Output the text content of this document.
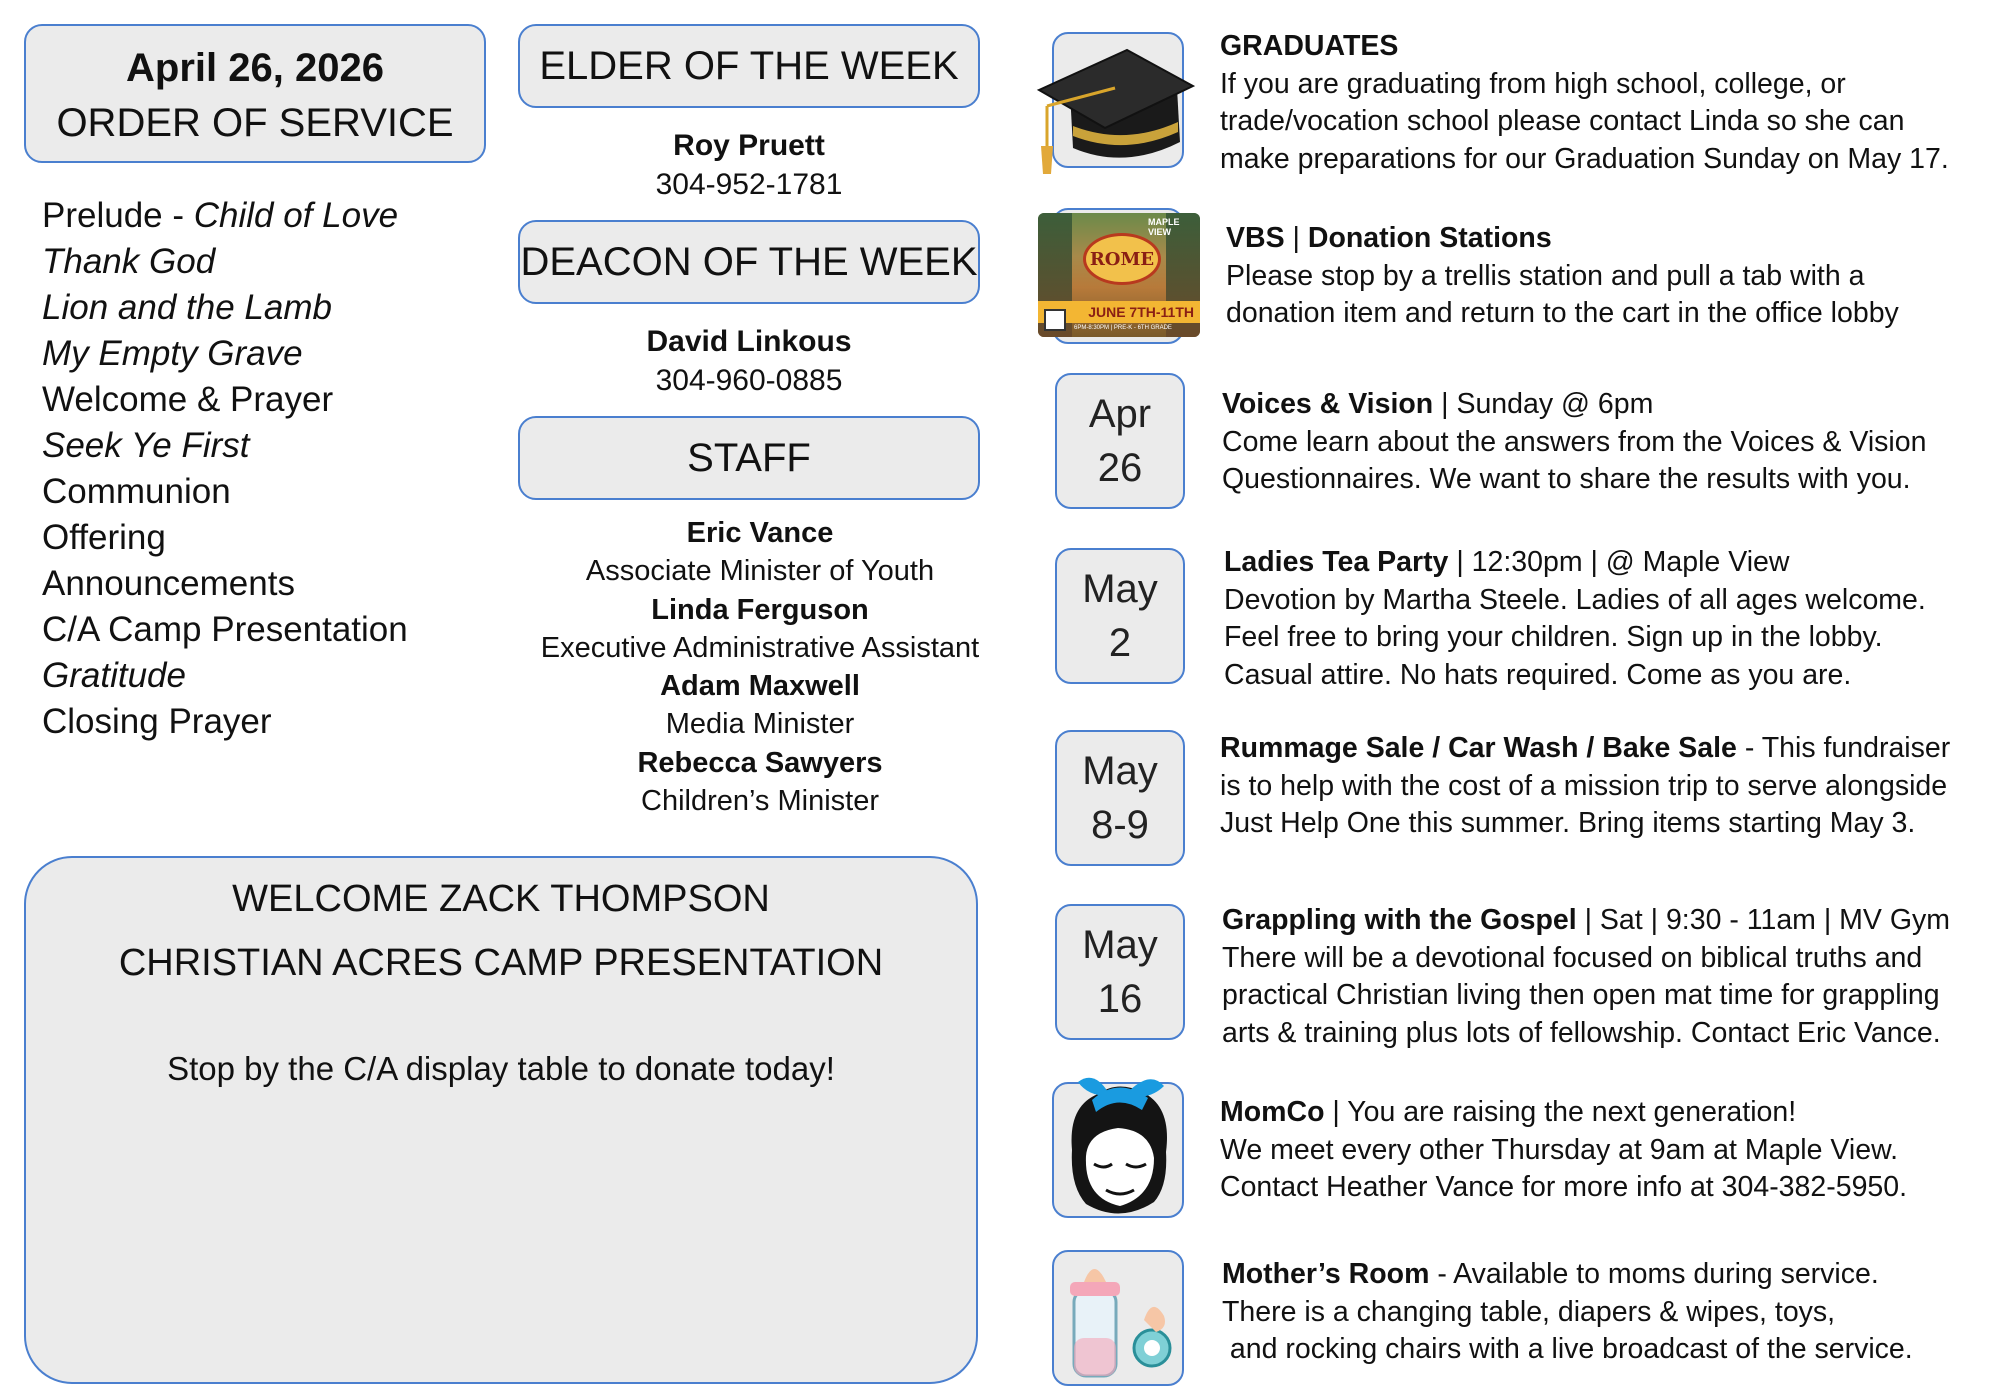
April 26, 2026
ORDER OF SERVICE
Prelude - Child of Love
Thank God
Lion and the Lamb
My Empty Grave
Welcome & Prayer
Seek Ye First
Communion
Offering
Announcements
C/A Camp Presentation
Gratitude
Closing Prayer
ELDER OF THE WEEK
Roy Pruett
304-952-1781
DEACON OF THE WEEK
David Linkous
304-960-0885
STAFF
Eric Vance
Associate Minister of Youth
Linda Ferguson
Executive Administrative Assistant
Adam Maxwell
Media Minister
Rebecca Sawyers
Children’s Minister
WELCOME ZACK THOMPSON
CHRISTIAN ACRES CAMP PRESENTATION
Stop by the C/A display table to donate today!
GRADUATES
If you are graduating from high school, college, or
trade/vocation school please contact Linda so she can
make preparations for our Graduation Sunday on May 17.
MAPLE VIEW
ROME
JUNE 7TH-11TH
6PM-8:30PM | PRE-K - 6TH GRADE
VBS | Donation Stations
Please stop by a trellis station and pull a tab with a
donation item and return to the cart in the office lobby
Apr
26
Voices & Vision | Sunday @ 6pm
Come learn about the answers from the Voices & Vision
Questionnaires. We want to share the results with you.
May
2
Ladies Tea Party | 12:30pm | @ Maple View
Devotion by Martha Steele. Ladies of all ages welcome.
Feel free to bring your children. Sign up in the lobby.
Casual attire. No hats required. Come as you are.
May
8-9
Rummage Sale / Car Wash / Bake Sale - This fundraiser
is to help with the cost of a mission trip to serve alongside
Just Help One this summer. Bring items starting May 3.
May
16
Grappling with the Gospel | Sat | 9:30 - 11am | MV Gym
There will be a devotional focused on biblical truths and
practical Christian living then open mat time for grappling
arts & training plus lots of fellowship. Contact Eric Vance.
MomCo | You are raising the next generation!
We meet every other Thursday at 9am at Maple View.
Contact Heather Vance for more info at 304-382-5950.
Mother’s Room - Available to moms during service.
There is a changing table, diapers & wipes, toys,
and rocking chairs with a live broadcast of the service.
